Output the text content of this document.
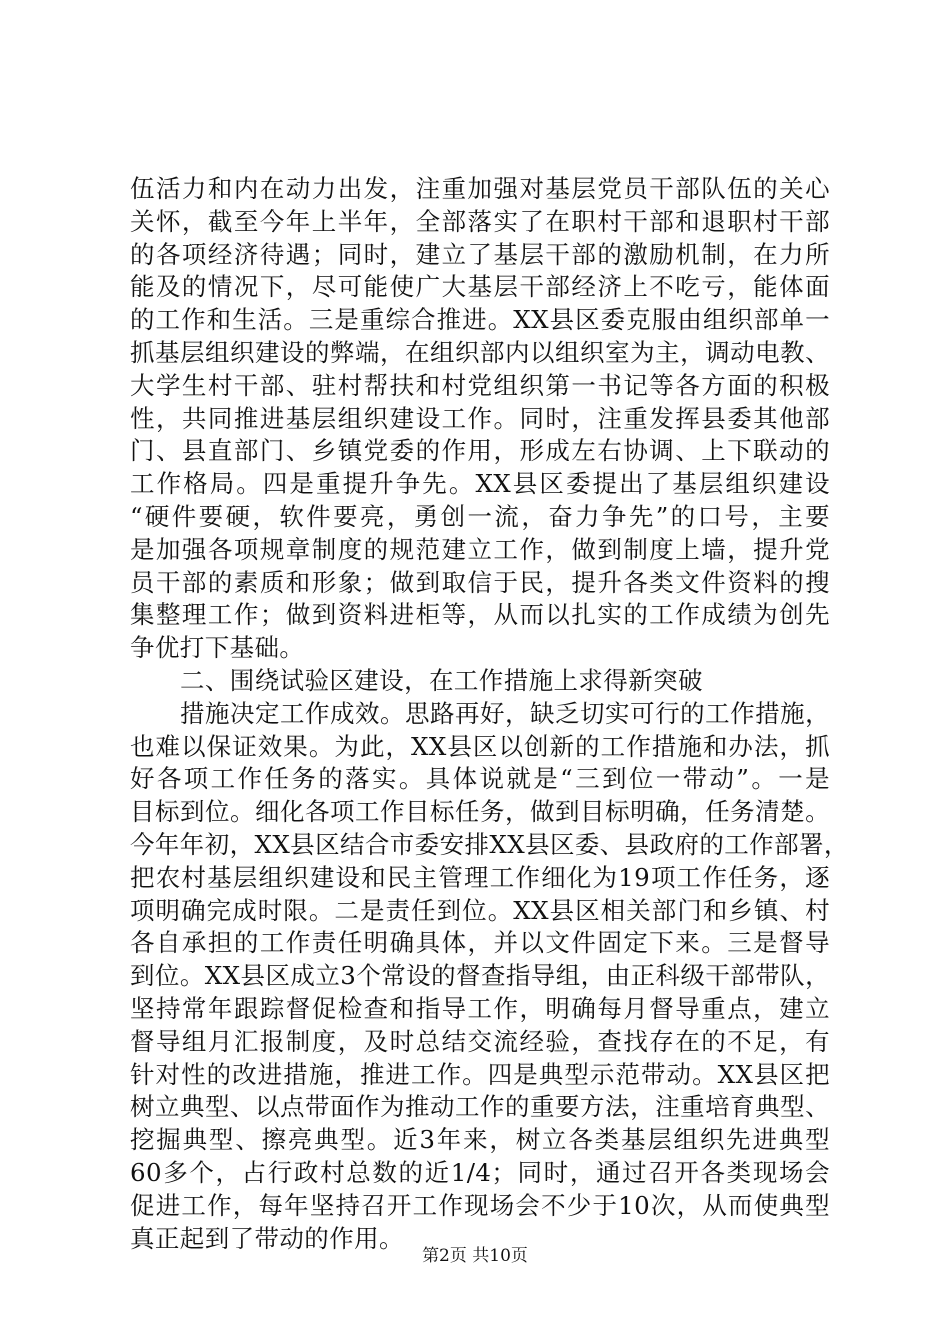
伍活力和内在动力出发，注重加强对基层党员干部队伍的关心
关怀，截至今年上半年，全部落实了在职村干部和退职村干部
的各项经济待遇；同时，建立了基层干部的激励机制，在力所
能及的情况下，尽可能使广大基层干部经济上不吃亏，能体面
的工作和生活。三是重综合推进。XX县区委克服由组织部单一
抓基层组织建设的弊端，在组织部内以组织室为主，调动电教、
大学生村干部、驻村帮扶和村党组织第一书记等各方面的积极
性，共同推进基层组织建设工作。同时，注重发挥县委其他部
门、县直部门、乡镇党委的作用，形成左右协调、上下联动的
工作格局。四是重提升争先。XX县区委提出了基层组织建设
“硬件要硬，软件要亮，勇创一流，奋力争先”的口号，主要
是加强各项规章制度的规范建立工作，做到制度上墙，提升党
员干部的素质和形象；做到取信于民，提升各类文件资料的搜
集整理工作；做到资料进柜等，从而以扎实的工作成绩为创先
争优打下基础。
二、围绕试验区建设，在工作措施上求得新突破
措施决定工作成效。思路再好，缺乏切实可行的工作措施，
也难以保证效果。为此，XX县区以创新的工作措施和办法，抓
好各项工作任务的落实。具体说就是“三到位一带动”。一是
目标到位。细化各项工作目标任务，做到目标明确，任务清楚。
今年年初，XX县区结合市委安排XX县区委、县政府的工作部署，
把农村基层组织建设和民主管理工作细化为19项工作任务，逐
项明确完成时限。二是责任到位。XX县区相关部门和乡镇、村
各自承担的工作责任明确具体，并以文件固定下来。三是督导
到位。XX县区成立3个常设的督查指导组，由正科级干部带队，
坚持常年跟踪督促检查和指导工作，明确每月督导重点，建立
督导组月汇报制度，及时总结交流经验，查找存在的不足，有
针对性的改进措施，推进工作。四是典型示范带动。XX县区把
树立典型、以点带面作为推动工作的重要方法，注重培育典型、
挖掘典型、擦亮典型。近3年来，树立各类基层组织先进典型
60多个，占行政村总数的近1/4；同时，通过召开各类现场会
促进工作，每年坚持召开工作现场会不少于10次，从而使典型
真正起到了带动的作用。
第2页 共10页
